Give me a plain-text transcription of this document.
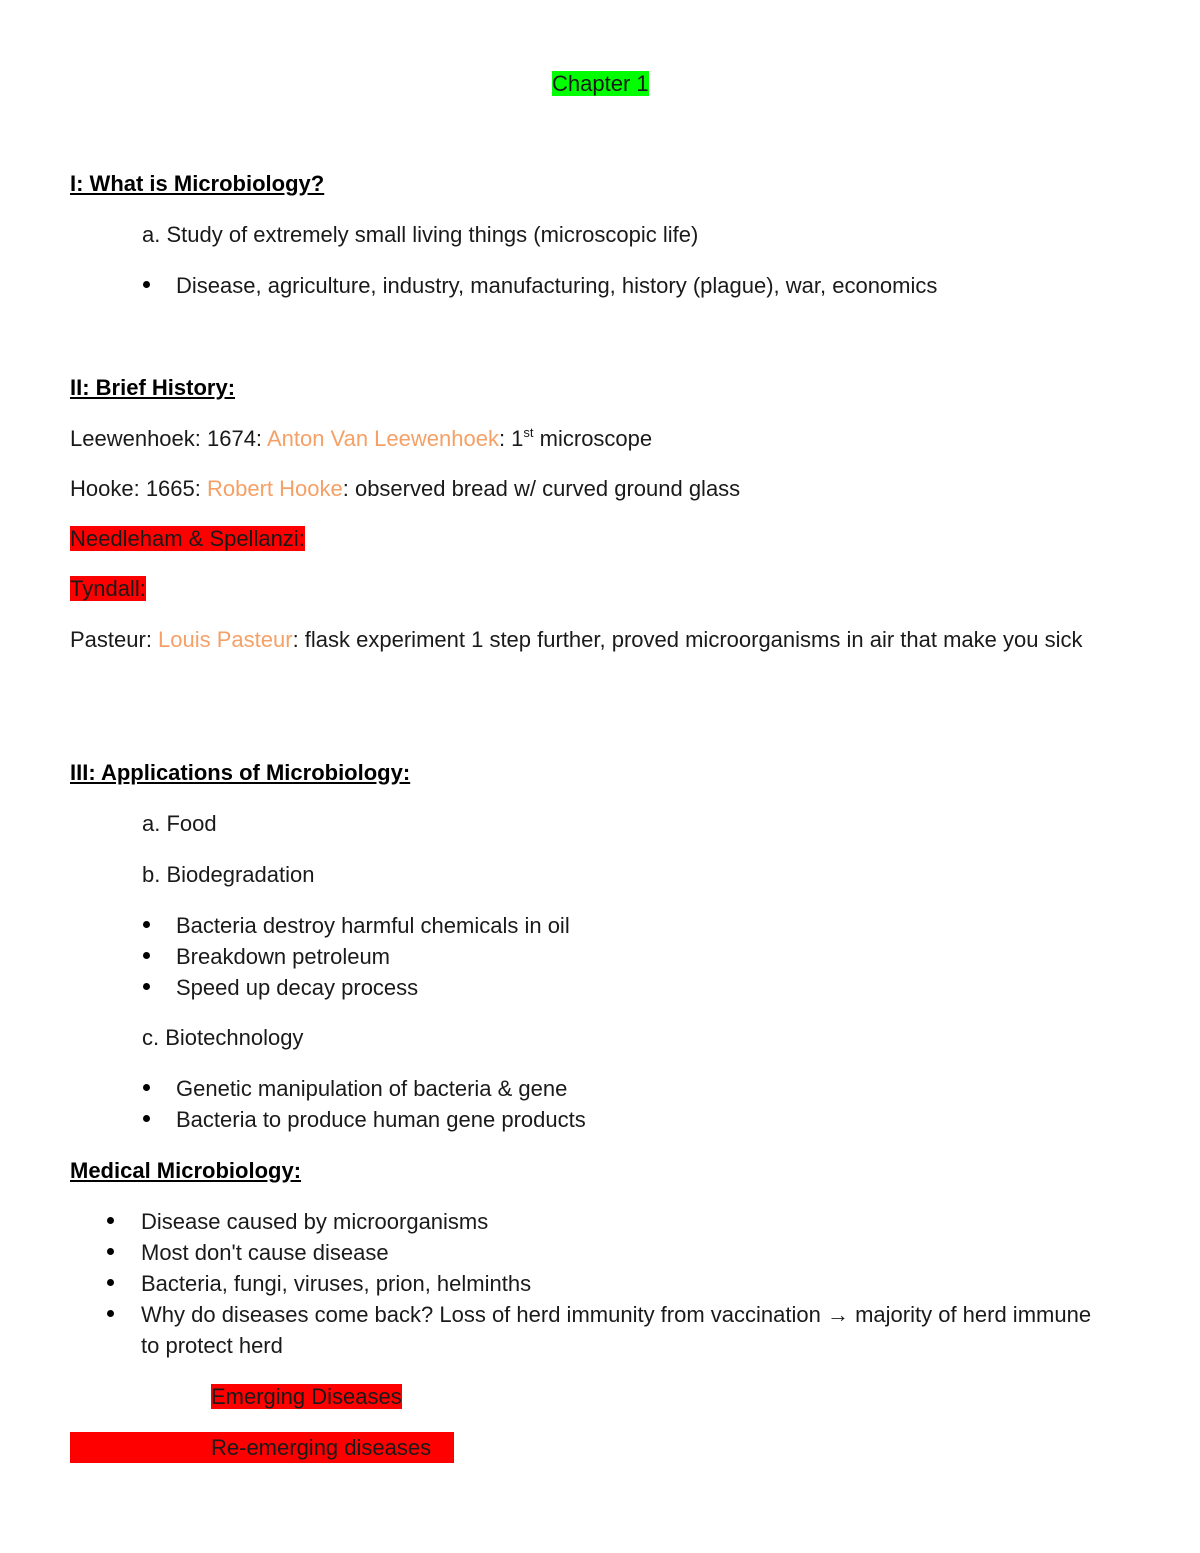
Chapter 1
I: What is Microbiology?
a. Study of extremely small living things (microscopic life)
Disease, agriculture, industry, manufacturing, history (plague), war, economics
II: Brief History:
Leewenhoek: 1674: Anton Van Leewenhoek: 1st microscope
Hooke: 1665: Robert Hooke: observed bread w/ curved ground glass
Needleham & Spellanzi:
Tyndall:
Pasteur: Louis Pasteur: flask experiment 1 step further, proved microorganisms in air that make you sick
III: Applications of Microbiology:
a. Food
b. Biodegradation
Bacteria destroy harmful chemicals in oil
Breakdown petroleum
Speed up decay process
c. Biotechnology
Genetic manipulation of bacteria & gene
Bacteria to produce human gene products
Medical Microbiology:
Disease caused by microorganisms
Most don't cause disease
Bacteria, fungi, viruses, prion, helminths
Why do diseases come back? Loss of herd immunity from vaccination → majority of herd immune to protect herd
Emerging Diseases
Re-emerging diseases
